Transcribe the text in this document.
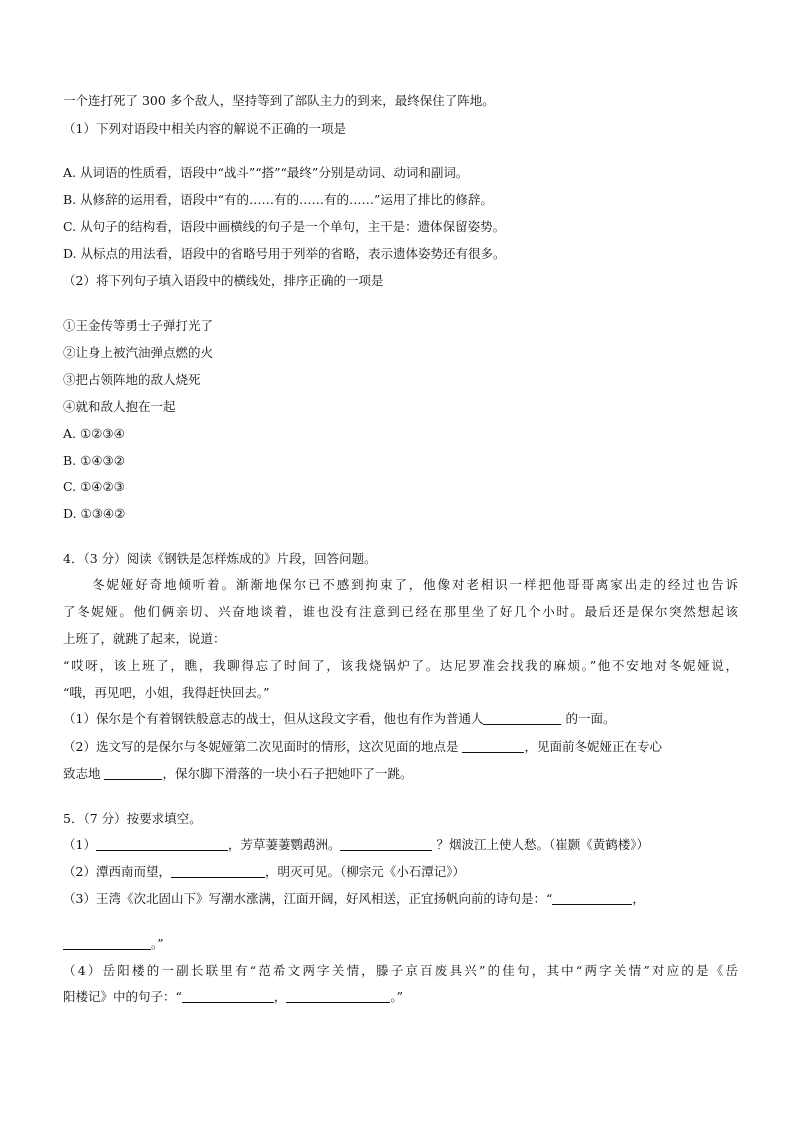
一个连打死了 300 多个敌人，坚持等到了部队主力的到来，最终保住了阵地。
（1）下列对语段中相关内容的解说不正确的一项是
A. 从词语的性质看，语段中“战斗”“搭”“最终”分别是动词、动词和副词。
B. 从修辞的运用看，语段中“有的……有的……有的……”运用了排比的修辞。
C. 从句子的结构看，语段中画横线的句子是一个单句，主干是：遗体保留姿势。
D. 从标点的用法看，语段中的省略号用于列举的省略，表示遗体姿势还有很多。
（2）将下列句子填入语段中的横线处，排序正确的一项是
①王金传等勇士子弹打光了
②让身上被汽油弹点燃的火
③把占领阵地的敌人烧死
④就和敌人抱在一起
A. ①②③④
B. ①④③②
C. ①④②③
D. ①③④②
4．（3 分）阅读《钢铁是怎样炼成的》片段，回答问题。
冬妮娅好奇地倾听着。渐渐地保尔已不感到拘束了，他像对老相识一样把他哥哥离家出走的经过也告诉
了冬妮娅。他们俩亲切、兴奋地谈着，谁也没有注意到已经在那里坐了好几个小时。最后还是保尔突然想起该
上班了，就跳了起来，说道：
“哎呀，该上班了，瞧，我聊得忘了时间了，该我烧锅炉了。达尼罗准会找我的麻烦。”他不安地对冬妮娅说，
“哦，再见吧，小姐，我得赶快回去。”
（1）保尔是个有着钢铁般意志的战士，但从这段文字看，他也有作为普通人	的一面。
（2）选文写的是保尔与冬妮娅第二次见面时的情形，这次见面的地点是	，见面前冬妮娅正在专心
致志地	，保尔脚下滑落的一块小石子把她吓了一跳。
5．（7 分）按要求填空。
（1）	，芳草萋萋鹦鹉洲。	？烟波江上使人愁。（崔颢《黄鹤楼》）
（2）潭西南而望，	，明灭可见。（柳宗元《小石潭记》）
（3）王湾《次北固山下》写潮水涨满，江面开阔，好风相送，正宜扬帆向前的诗句是：“	，
。”
（4）岳阳楼的一副长联里有“范希文两字关情，滕子京百废具兴”的佳句，其中“两字关情”对应的是《岳
阳楼记》中的句子：“	，	。”
